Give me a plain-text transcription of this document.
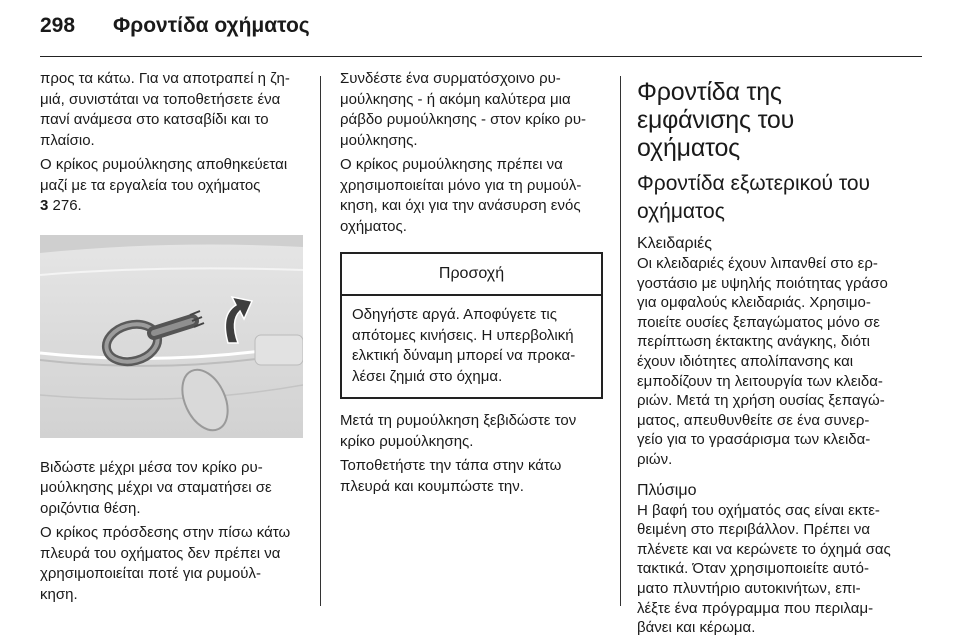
298 Φροντίδα οχήματος

προς τα κάτω. Για να αποτραπεί η ζη-
μιά, συνιστάται να τοποθετήσετε ένα
πανί ανάμεσα στο κατσαβίδι και το
πλαίσιο.

Ο κρίκος ρυμούλκησης αποθηκεύεται
μαζί με τα εργαλεία του οχήματος
3 276.

Βιδώστε μέχρι μέσα τον κρίκο ρυ-
μούλκησης μέχρι να σταματήσει σε
οριζόντια θέση.

Ο κρίκος πρόσδεσης στην πίσω κάτω
πλευρά του οχήματος δεν πρέπει να
χρησιμοποιείται ποτέ για ρυμούλ-
κηση.

Συνδέστε ένα συρματόσχοινο ρυ-
μούλκησης - ή ακόμη καλύτερα μια
ράβδο ρυμούλκησης - στον κρίκο ρυ-
μούλκησης.

Ο κρίκος ρυμούλκησης πρέπει να
χρησιμοποιείται μόνο για τη ρυμούλ-
κηση, και όχι για την ανάσυρση ενός
οχήματος.

Προσοχή
Οδηγήστε αργά. Αποφύγετε τις
απότομες κινήσεις. Η υπερβολική
ελκτική δύναμη μπορεί να προκα-
λέσει ζημιά στο όχημα.

Μετά τη ρυμούλκηση ξεβιδώστε τον
κρίκο ρυμούλκησης.

Τοποθετήστε την τάπα στην κάτω
πλευρά και κουμπώστε την.

Φροντίδα της
εμφάνισης του
οχήματος
Φροντίδα εξωτερικού του
οχήματος
Κλειδαριές

Οι κλειδαριές έχουν λιπανθεί στο ερ-
γοστάσιο με υψηλής ποιότητας γράσο
για ομφαλούς κλειδαριάς. Χρησιμο-
ποιείτε ουσίες ξεπαγώματος μόνο σε
περίπτωση έκτακτης ανάγκης, διότι
έχουν ιδιότητες απολίπανσης και
εμποδίζουν τη λειτουργία των κλειδα-
ριών. Μετά τη χρήση ουσίας ξεπαγώ-
ματος, απευθυνθείτε σε ένα συνερ-
γείο για το γρασάρισμα των κλειδα-
ριών.

Πλύσιμο

Η βαφή του οχήματός σας είναι εκτε-
θειμένη στο περιβάλλον. Πρέπει να
πλένετε και να κερώνετε το όχημά σας
τακτικά. Όταν χρησιμοποιείτε αυτό-
ματο πλυντήριο αυτοκινήτων, επι-
λέξτε ένα πρόγραμμα που περιλαμ-
βάνει και κέρωμα.
